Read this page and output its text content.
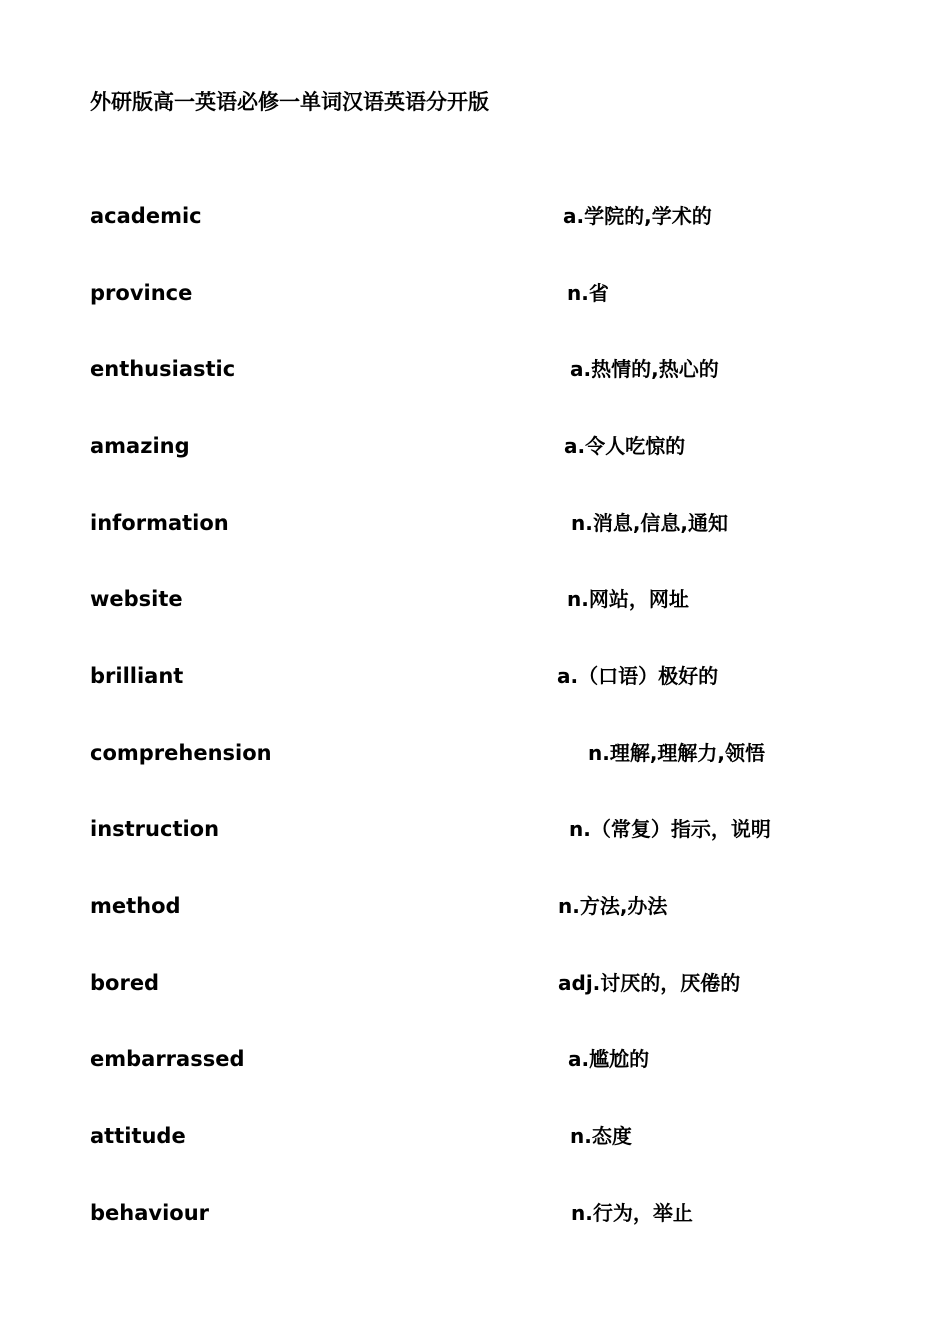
外研版高一英语必修一单词汉语英语分开版
academic	a.学院的,学术的
province	n.省
enthusiastic	a.热情的,热心的
amazing	a.令人吃惊的
information	n.消息,信息,通知
website	n.网站，网址
brilliant	a.（口语）极好的
comprehension	n.理解,理解力,领悟
instruction	n.（常复）指示，说明
method	n.方法,办法
bored	adj.讨厌的，厌倦的
embarrassed	a.尴尬的
attitude	n.态度
behaviour	n.行为，举止
